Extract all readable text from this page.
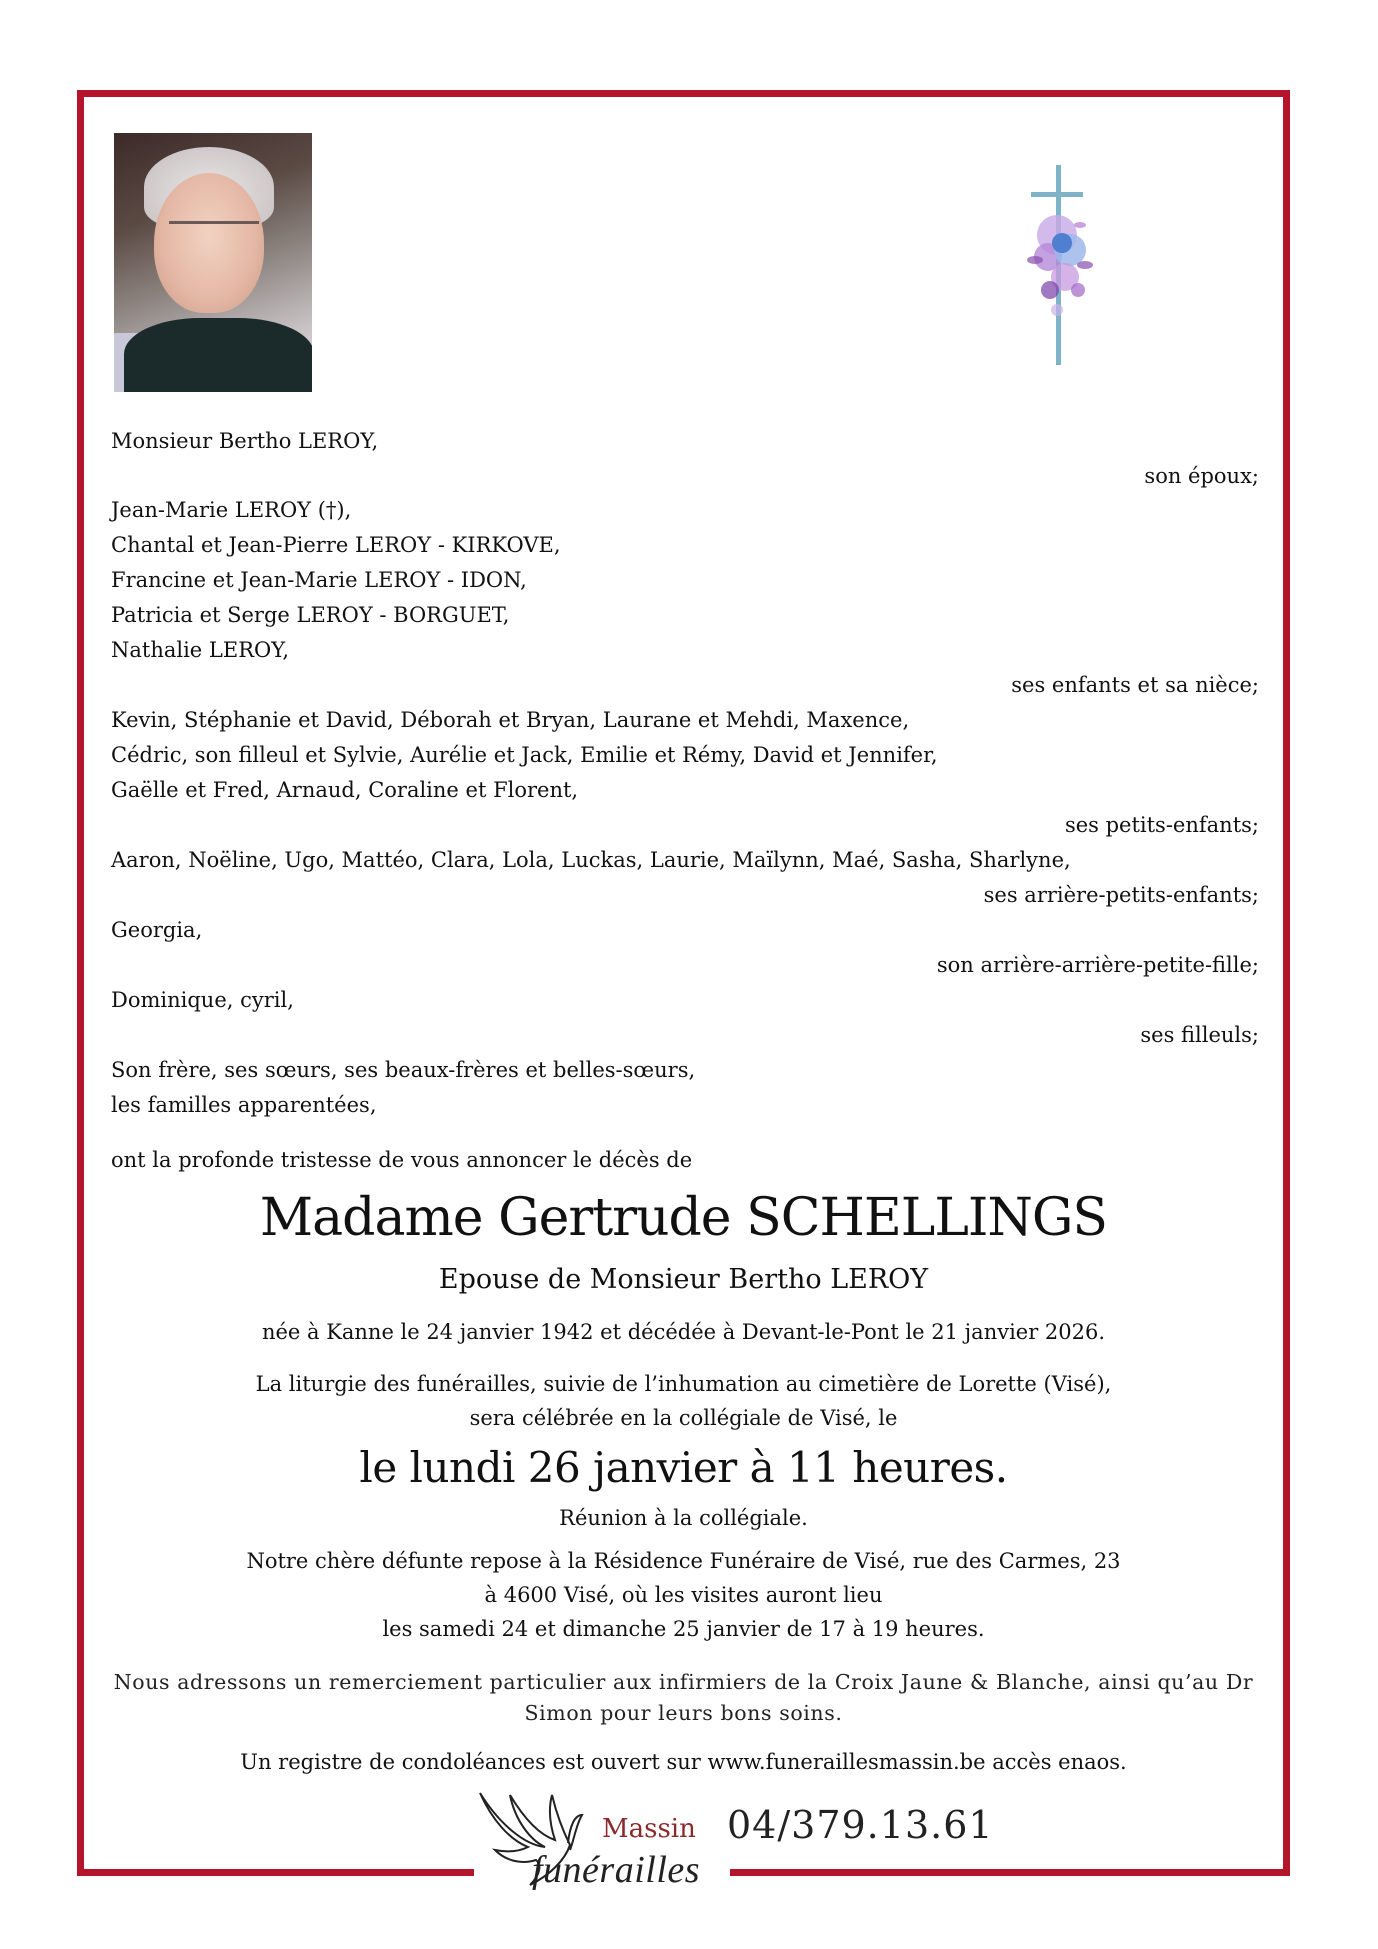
Monsieur Bertho LEROY,
son époux;
Jean-Marie LEROY (†),
Chantal et Jean-Pierre LEROY - KIRKOVE,
Francine et Jean-Marie LEROY - IDON,
Patricia et Serge LEROY - BORGUET,
Nathalie LEROY,
ses enfants et sa nièce;
Kevin, Stéphanie et David, Déborah et Bryan, Laurane et Mehdi, Maxence,
Cédric, son filleul et Sylvie, Aurélie et Jack, Emilie et Rémy, David et Jennifer,
Gaëlle et Fred, Arnaud, Coraline et Florent,
ses petits-enfants;
Aaron, Noëline, Ugo, Mattéo, Clara, Lola, Luckas, Laurie, Maïlynn, Maé, Sasha, Sharlyne,
ses arrière-petits-enfants;
Georgia,
son arrière-arrière-petite-fille;
Dominique, cyril,
ses filleuls;
Son frère, ses sœurs, ses beaux-frères et belles-sœurs,
les familles apparentées,
ont la profonde tristesse de vous annoncer le décès de
Madame Gertrude SCHELLINGS
Epouse de Monsieur Bertho LEROY
née à Kanne le 24 janvier 1942 et décédée à Devant-le-Pont le 21 janvier 2026.
La liturgie des funérailles, suivie de l’inhumation au cimetière de Lorette (Visé),
sera célébrée en la collégiale de Visé, le
le lundi 26 janvier à 11 heures.
Réunion à la collégiale.
Notre chère défunte repose à la Résidence Funéraire de Visé, rue des Carmes, 23
à 4600 Visé, où les visites auront lieu
les samedi 24 et dimanche 25 janvier de 17 à 19 heures.
Nous adressons un remerciement particulier aux infirmiers de la Croix Jaune & Blanche, ainsi qu’au Dr
Simon pour leurs bons soins.
Un registre de condoléances est ouvert sur www.funeraillesmassin.be accès enaos.
Massin
funérailles
04/379.13.61
